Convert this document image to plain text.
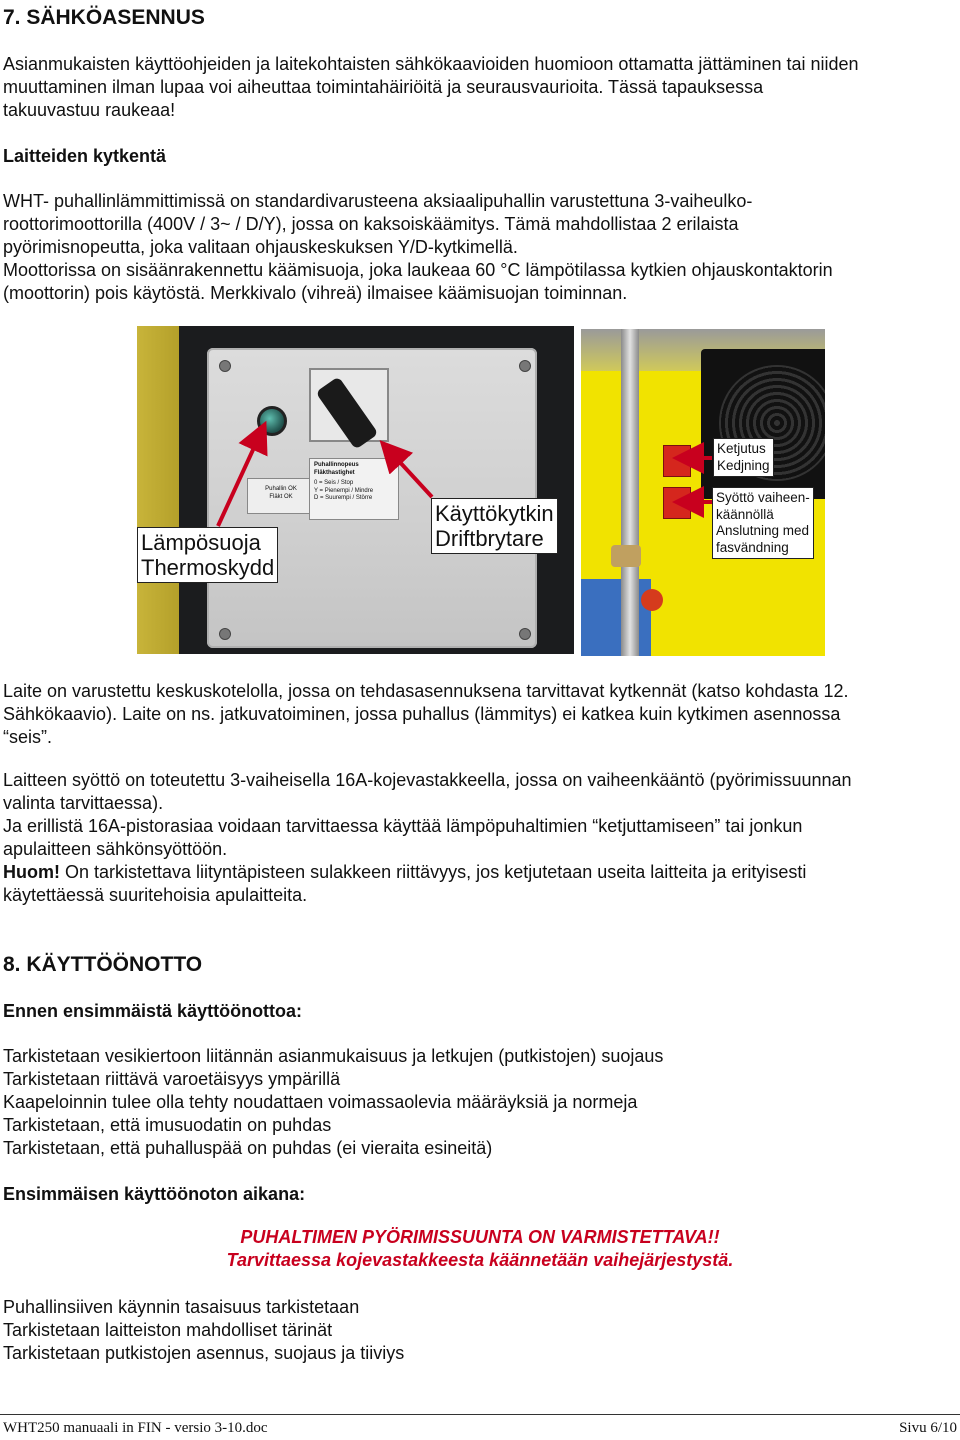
7. SÄHKÖASENNUS
Asianmukaisten käyttöohjeiden ja laitekohtaisten sähkökaavioiden huomioon ottamatta jättäminen tai niiden
muuttaminen ilman lupaa voi aiheuttaa toimintahäiriöitä ja seurausvaurioita. Tässä tapauksessa
takuuvastuu raukeaa!
Laitteiden kytkentä
WHT- puhallinlämmittimissä on standardivarusteena aksiaalipuhallin varustettuna 3-vaiheulko-
roottorimoottorilla (400V / 3~ / D/Y), jossa on kaksoiskäämitys. Tämä mahdollistaa 2 erilaista
pyörimisnopeutta, joka valitaan ohjauskeskuksen Y/D-kytkimellä.
Moottorissa on sisäänrakennettu käämisuoja, joka laukeaa 60 °C lämpötilassa kytkien ohjauskontaktorin
(moottorin) pois käytöstä. Merkkivalo (vihreä) ilmaisee käämisuojan toiminnan.
Puhallin OK
Fläkt OK
Puhallinnopeus
Fläkthastighet
0 = Seis / Stop
Y = Pienempi / Mindre
D = Suurempi / Större
Lämpösuoja
Thermoskydd
Käyttökytkin
Driftbrytare
Ketjutus
Kedjning
Syöttö vaiheen-
käännöllä
Anslutning med
fasvändning
Laite on varustettu keskuskotelolla, jossa on tehdasasennuksena tarvittavat kytkennät (katso kohdasta 12.
Sähkökaavio). Laite on ns. jatkuvatoiminen, jossa puhallus (lämmitys) ei katkea kuin kytkimen asennossa
“seis”.
Laitteen syöttö on toteutettu 3-vaiheisella 16A-kojevastakkeella, jossa on vaiheenkääntö (pyörimissuunnan
valinta tarvittaessa).
Ja erillistä 16A-pistorasiaa voidaan tarvittaessa käyttää lämpöpuhaltimien “ketjuttamiseen” tai jonkun
apulaitteen sähkönsyöttöön.
Huom! On tarkistettava liityntäpisteen sulakkeen riittävyys, jos ketjutetaan useita laitteita ja erityisesti
käytettäessä suuritehoisia apulaitteita.
8. KÄYTTÖÖNOTTO
Ennen ensimmäistä käyttöönottoa:
Tarkistetaan vesikiertoon liitännän asianmukaisuus ja letkujen (putkistojen) suojaus
Tarkistetaan riittävä varoetäisyys ympärillä
Kaapeloinnin tulee olla tehty noudattaen voimassaolevia määräyksiä ja normeja
Tarkistetaan, että imusuodatin on puhdas
Tarkistetaan, että puhalluspää on puhdas (ei vieraita esineitä)
Ensimmäisen käyttöönoton aikana:
PUHALTIMEN PYÖRIMISSUUNTA ON VARMISTETTAVA!!
Tarvittaessa kojevastakkeesta käännetään vaihejärjestystä.
Puhallinsiiven käynnin tasaisuus tarkistetaan
Tarkistetaan laitteiston mahdolliset tärinät
Tarkistetaan putkistojen asennus, suojaus ja tiiviys
WHT250 manuaali in FIN - versio 3-10.doc	Sivu 6/10
